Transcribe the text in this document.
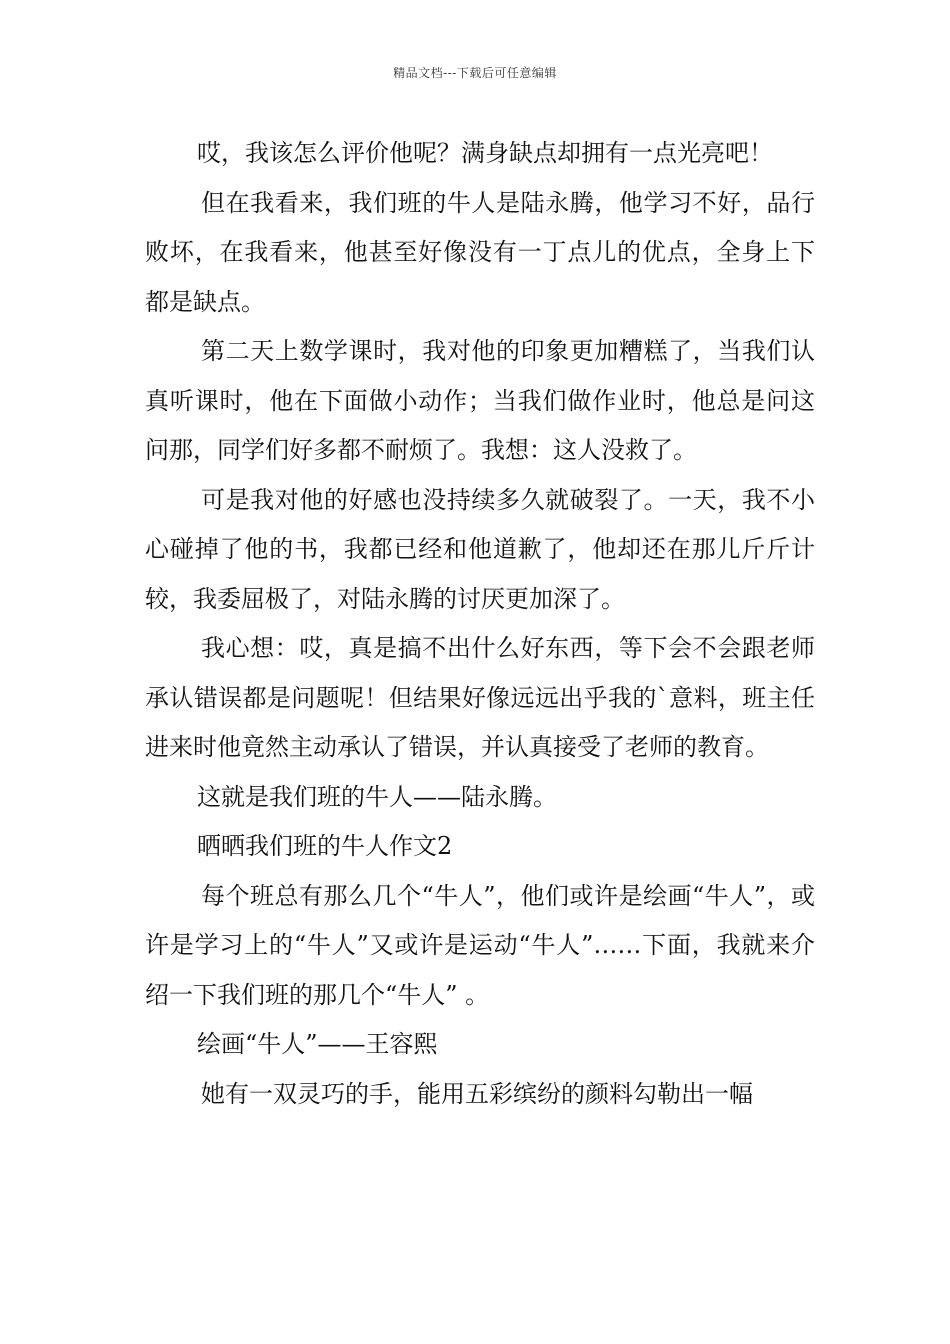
精品文档---下载后可任意编辑

哎，我该怎么评价他呢？满身缺点却拥有一点光亮吧！

但在我看来，我们班的牛人是陆永腾，他学习不好，品行败坏，在我看来，他甚至好像没有一丁点儿的优点，全身上下都是缺点。

第二天上数学课时，我对他的印象更加糟糕了，当我们认真听课时，他在下面做小动作；当我们做作业时，他总是问这问那，同学们好多都不耐烦了。我想：这人没救了。

可是我对他的好感也没持续多久就破裂了。一天，我不小心碰掉了他的书，我都已经和他道歉了，他却还在那儿斤斤计较，我委屈极了，对陆永腾的讨厌更加深了。

我心想：哎，真是搞不出什么好东西，等下会不会跟老师承认错误都是问题呢！但结果好像远远出乎我的`意料，班主任进来时他竟然主动承认了错误，并认真接受了老师的教育。

这就是我们班的牛人——陆永腾。

晒晒我们班的牛人作文2

每个班总有那么几个“牛人”，他们或许是绘画“牛人”，或许是学习上的“牛人”又或许是运动“牛人”……下面，我就来介绍一下我们班的那几个“牛人” 。

绘画“牛人”——王容熙

她有一双灵巧的手，能用五彩缤纷的颜料勾勒出一幅
